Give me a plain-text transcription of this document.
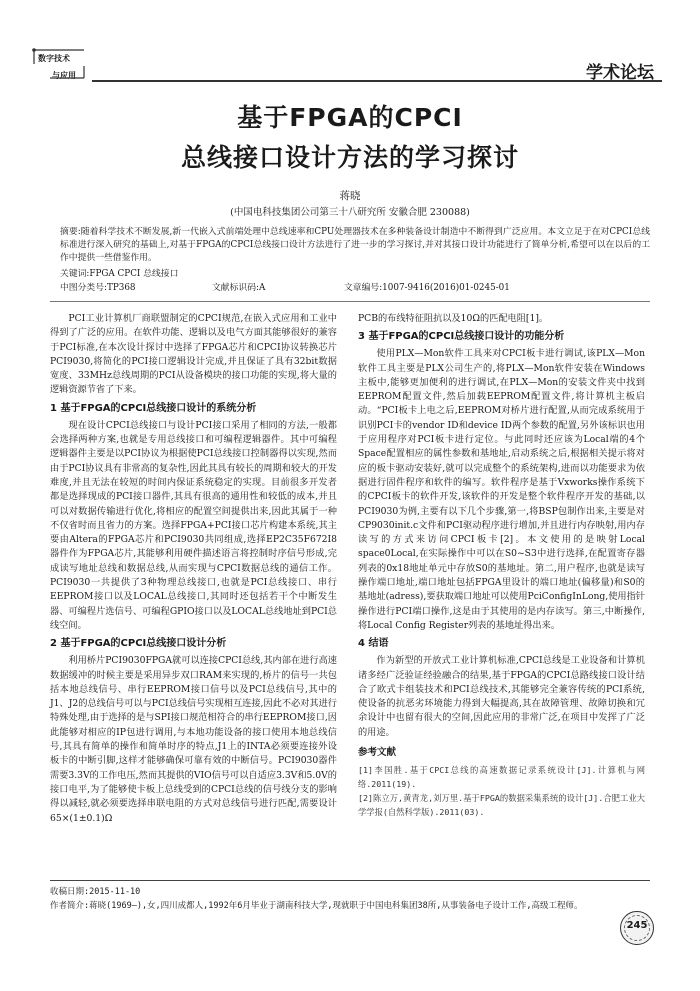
数字技术
与应用	学术论坛
基于FPGA的CPCI
总线接口设计方法的学习探讨
蒋晓
(中国电科技集团公司第三十八研究所 安徽合肥 230088)
摘要:随着科学技术不断发展,新一代嵌入式前端处理中总线速率和CPU处理器技术在多种装备设计制造中不断得到广泛应用。本文立足于在对CPCI总线标准进行深入研究的基础上,对基于FPGA的CPCI总线接口设计方法进行了进一步的学习探讨,并对其接口设计功能进行了简单分析,希望可以在以后的工作中提供一些借鉴作用。
关键词:FPGA CPCI 总线接口
中图分类号:TP368	文献标识码:A	文章编号:1007-9416(2016)01-0245-01

PCI工业计算机厂商联盟制定的CPCI规范,在嵌入式应用和工业中得到了广泛的应用。在软件功能、逻辑以及电气方面其能够很好的兼容于PCI标准,在本次设计探讨中选择了FPGA芯片和CPCI协议转换芯片PCI9030,将简化的PCI接口逻辑设计完成,并且保证了具有32bit数据宽度、33MHz总线周期的PCI从设备模块的接口功能的实现,将大量的逻辑资源节省了下来。

1 基于FPGA的CPCI总线接口设计的系统分析

现在设计CPCI总线接口与设计PCI接口采用了相同的方法,一般都会选择两种方案,也就是专用总线接口和可编程逻辑器件。其中可编程逻辑器件主要是以PCI协议为根据使PCI总线接口控制器得以实现,然而由于PCI协议具有非常高的复杂性,因此其具有较长的周期和较大的开发难度,并且无法在较短的时间内保证系统稳定的实现。目前很多开发者都是选择现成的PCI接口器件,其具有很高的通用性和较低的成本,并且可以对数据传输进行优化,将相应的配置空间提供出来,因此其属于一种不仅省时而且省力的方案。选择FPGA+PCI接口芯片构建本系统,其主要由Altera的FPGA芯片和PCI9030共同组成,选择EP2C35F672I8器件作为FPGA芯片,其能够利用硬件描述语言将控制时序信号形成,完成读写地址总线和数据总线,从而实现与CPCI数据总线的通信工作。PCI9030一共提供了3种物理总线接口,也就是PCI总线接口、串行EEPROM接口以及LOCAL总线接口,其同时还包括若干个中断发生器、可编程片选信号、可编程GPIO接口以及LOCAL总线地址到PCI总线空间。

2 基于FPGA的CPCI总线接口设计分析

利用桥片PCI9030FPGA就可以连接CPCI总线,其内部在进行高速数据缓冲的时候主要是采用异步双口RAM来实现的,桥片的信号一共包括本地总线信号、串行EEPROM接口信号以及PCI总线信号,其中的J1、J2的总线信号可以与PCI总线信号实现相互连接,因此不必对其进行特殊处理,由于选择的是与SPI接口规范相符合的串行EEPROM接口,因此能够对相应的IP包进行调用,与本地功能设备的接口使用本地总线信号,其具有简单的操作和简单时序的特点,J1上的INTA必须要连接外设板卡的中断引脚,这样才能够确保可靠有效的中断信号。PCI9030器件需要3.3V的工作电压,然而其提供的VIO信号可以自适应3.3V和5.0V的接口电平,为了能够使卡板上总线受到的CPCI总线的信号线分支的影响得以减轻,就必须要选择串联电阻的方式对总线信号进行匹配,需要设计65×(1±0.1)Ω

PCB的布线特征阻抗以及10Ω的匹配电阻[1]。

3 基于FPGA的CPCI总线接口设计的功能分析

使用PLX—Mon软件工具来对CPCI板卡进行调试,该PLX—Mon软件工具主要是PLX公司生产的,将PLX—Mon软件安装在Windows主板中,能够更加便利的进行调试,在PLX—Mon的安装文件夹中找到EEPROM配置文件,然后加载EEPROM配置文件,将计算机主板启动。“PCI板卡上电之后,EEPROM对桥片进行配置,从而完成系统用于识别PCI卡的vendor ID和device ID两个参数的配置,另外该标识也用于应用程序对PCI板卡进行定位。与此同时还应该为Local端的4个Space配置相应的属性参数和基地址,启动系统之后,根据相关提示将对应的板卡驱动安装好,就可以完成整个的系统架构,进而以功能要求为依据进行固件程序和软件的编写。软件程序是基于Vxworks操作系统下的CPCI板卡的软件开发,该软件的开发是整个软件程序开发的基础,以PCI9030为例,主要有以下几个步骤,第一,将BSP包制作出来,主要是对CP9030init.c文件和PCI驱动程序进行增加,并且进行内存映射,用内存读写的方式来访问CPCI板卡[2]。本文使用的是映射Local space0Local,在实际操作中可以在S0~S3中进行选择,在配置寄存器列表的0x18地址单元中存放S0的基地址。第二,用户程序,也就是读写操作端口地址,端口地址包括FPGA里设计的端口地址(偏移量)和S0的基地址(adress),要获取端口地址可以使用PciConfigInLong,使用指针操作进行PCI端口操作,这是由于其使用的是内存读写。第三,中断操作,将Local Config Register列表的基地址得出来。

4 结语

作为新型的开放式工业计算机标准,CPCI总线是工业设备和计算机诸多经广泛验证经验融合的结果,基于FPGA的CPCI总路线接口设计结合了欧式卡组装技术和PCI总线技术,其能够完全兼容传统的PCI系统,使设备的抗恶劣环境能力得到大幅提高,其在故障管理、故障切换和冗余设计中也留有很大的空间,因此应用的非常广泛,在项目中发挥了广泛的用途。

参考文献

[1]李国胜.基于CPCI总线的高速数据记录系统设计[J].计算机与网络.2011(19).

[2]陈立万,黄青龙,刘万里.基于FPGA的数据采集系统的设计[J].合肥工业大学学报(自然科学版).2011(03).

收稿日期:2015-11-10
作者简介:蒋晓(1969—),女,四川成都人,1992年6月毕业于湖南科技大学,现就职于中国电科集团38所,从事装备电子设计工作,高级工程师。
245
